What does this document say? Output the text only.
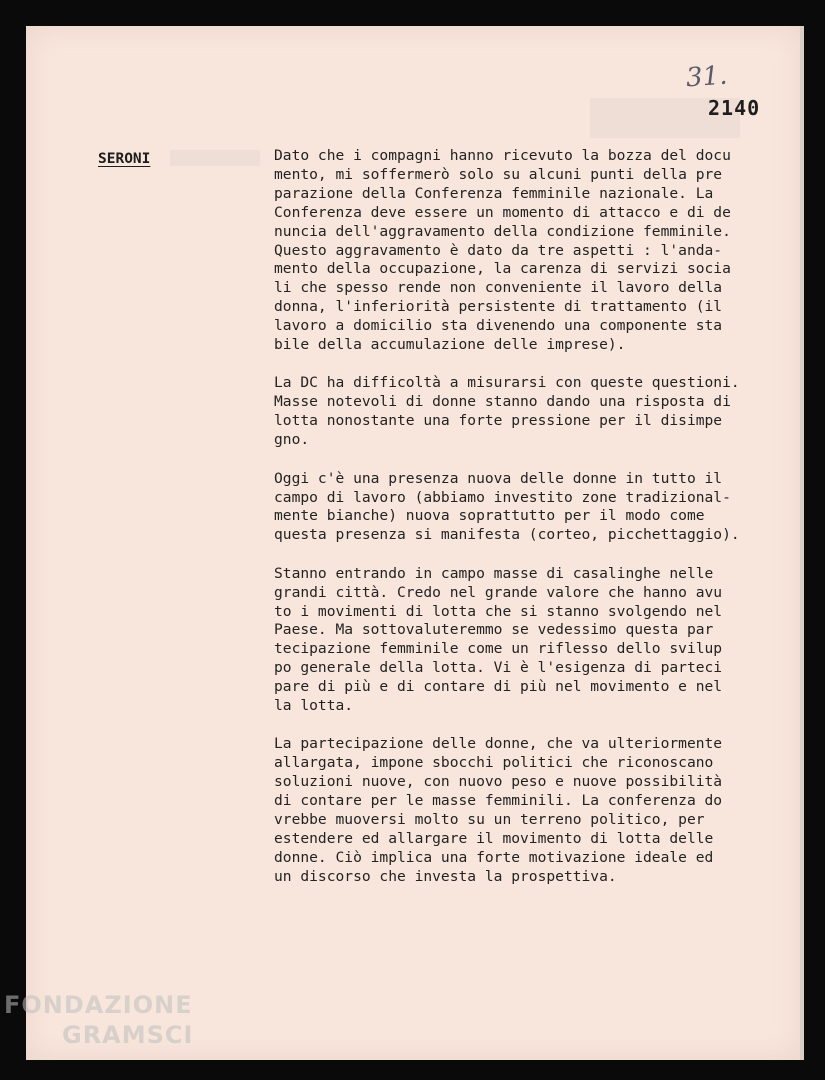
31.
2140
SERONI	Dato che i compagni hanno ricevuto la bozza del docu
mento, mi soffermerò solo su alcuni punti della pre
parazione della Conferenza femminile nazionale. La
Conferenza deve essere un momento di attacco e di de
nuncia dell'aggravamento della condizione femminile.
Questo aggravamento è dato da tre aspetti : l'anda-
mento della occupazione, la carenza di servizi socia
li che spesso rende non conveniente il lavoro della
donna, l'inferiorità persistente di trattamento (il
lavoro a domicilio sta divenendo una componente sta
bile della accumulazione delle imprese).
La DC ha difficoltà a misurarsi con queste questioni.
Masse notevoli di donne stanno dando una risposta di
lotta nonostante una forte pressione per il disimpe
gno.
Oggi c'è una presenza nuova delle donne in tutto il
campo di lavoro (abbiamo investito zone tradizional-
mente bianche) nuova soprattutto per il modo come
questa presenza si manifesta (corteo, picchettaggio).
Stanno entrando in campo masse di casalinghe nelle
grandi città. Credo nel grande valore che hanno avu
to i movimenti di lotta che si stanno svolgendo nel
Paese. Ma sottovaluteremmo se vedessimo questa par
tecipazione femminile come un riflesso dello svilup
po generale della lotta. Vi è l'esigenza di parteci
pare di più e di contare di più nel movimento e nel
la lotta.
La partecipazione delle donne, che va ulteriormente
allargata, impone sbocchi politici che riconoscano
soluzioni nuove, con nuovo peso e nuove possibilità
di contare per le masse femminili. La conferenza do
vrebbe muoversi molto su un terreno politico, per
estendere ed allargare il movimento di lotta delle
donne. Ciò implica una forte motivazione ideale ed
un discorso che investa la prospettiva.
FONDAZIONE
GRAMSCI
